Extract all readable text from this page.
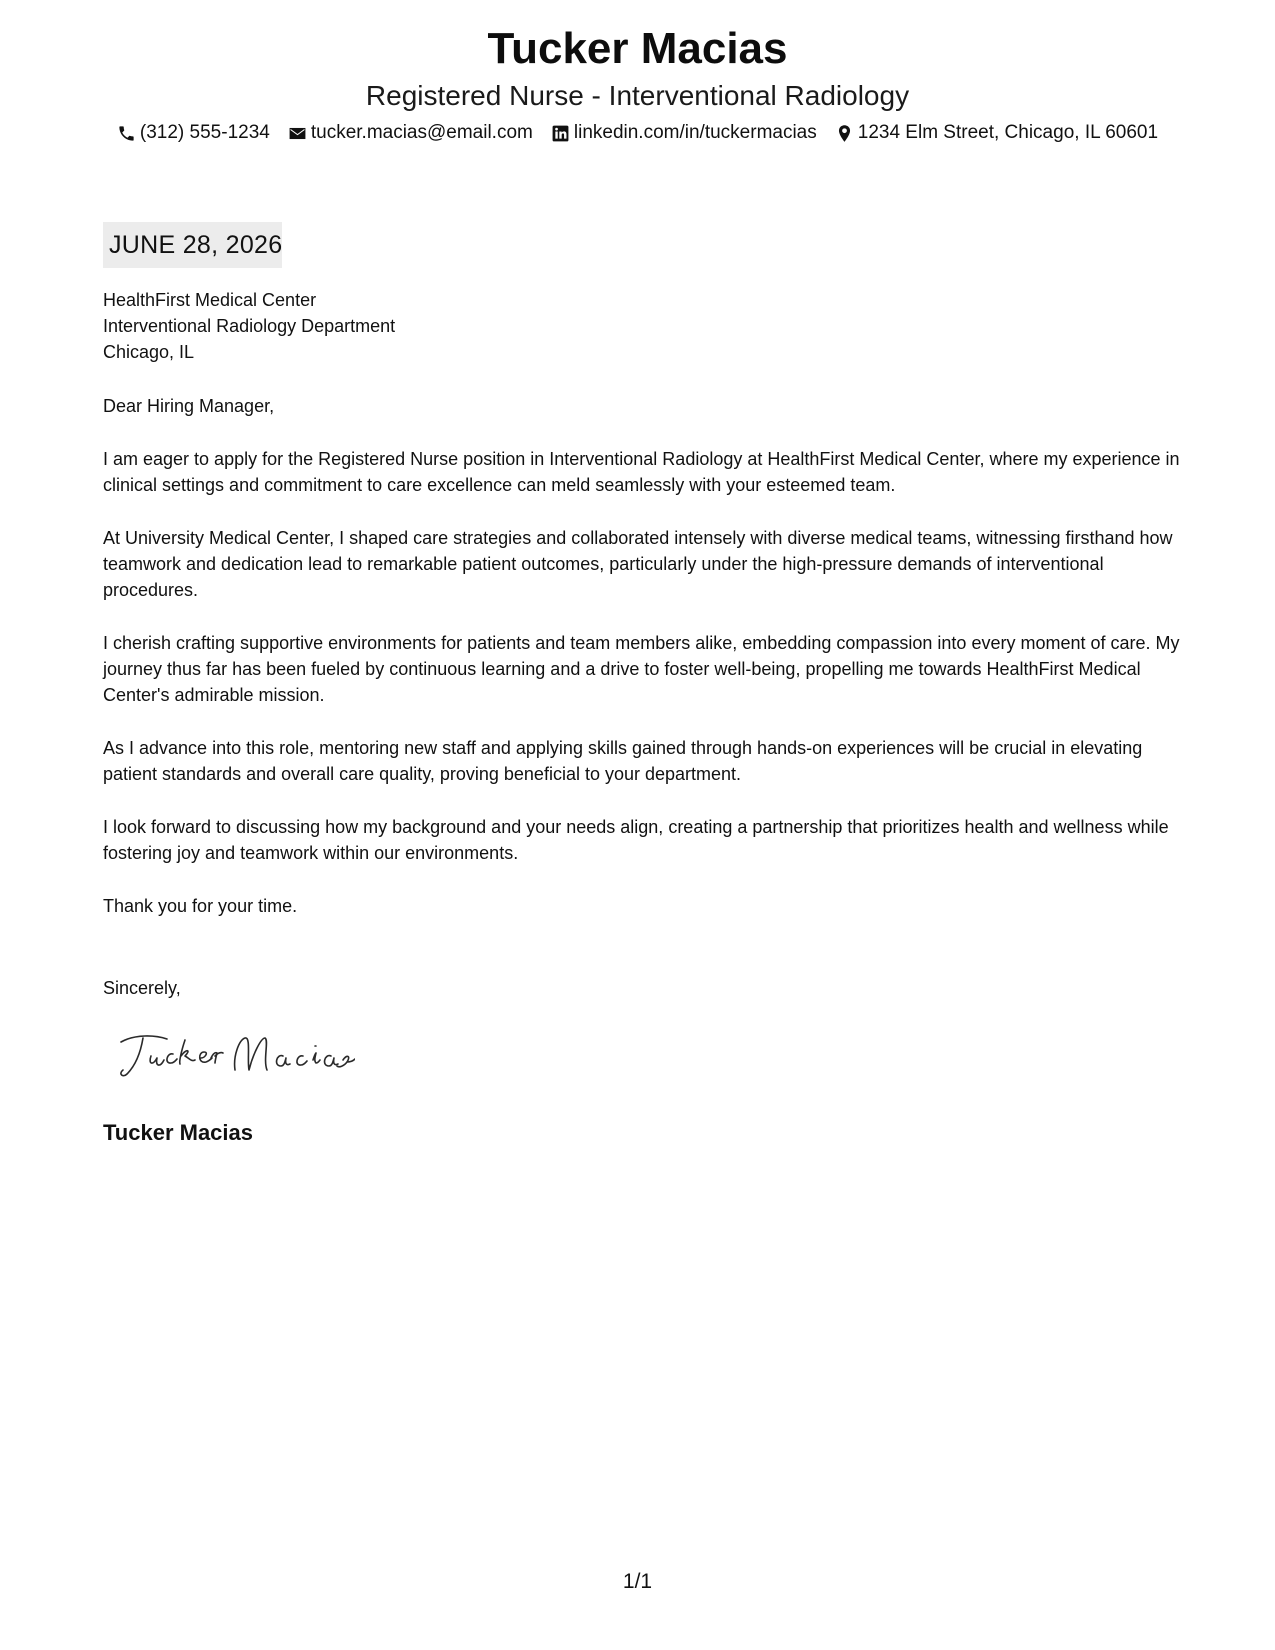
Tucker Macias
Registered Nurse - Interventional Radiology
(312) 555-1234 tucker.macias@email.com linkedin.com/in/tuckermacias 1234 Elm Street, Chicago, IL 60601
JUNE 28, 2026
HealthFirst Medical Center
Interventional Radiology Department
Chicago, IL

Dear Hiring Manager,

I am eager to apply for the Registered Nurse position in Interventional Radiology at HealthFirst Medical Center, where my experience in clinical settings and commitment to care excellence can meld seamlessly with your esteemed team.

At University Medical Center, I shaped care strategies and collaborated intensely with diverse medical teams, witnessing firsthand how teamwork and dedication lead to remarkable patient outcomes, particularly under the high-pressure demands of interventional procedures.

I cherish crafting supportive environments for patients and team members alike, embedding compassion into every moment of care. My journey thus far has been fueled by continuous learning and a drive to foster well-being, propelling me towards HealthFirst Medical Center's admirable mission.

As I advance into this role, mentoring new staff and applying skills gained through hands-on experiences will be crucial in elevating patient standards and overall care quality, proving beneficial to your department.

I look forward to discussing how my background and your needs align, creating a partnership that prioritizes health and wellness while fostering joy and teamwork within our environments.

Thank you for your time.

Sincerely,
Tucker Macias
1/1
